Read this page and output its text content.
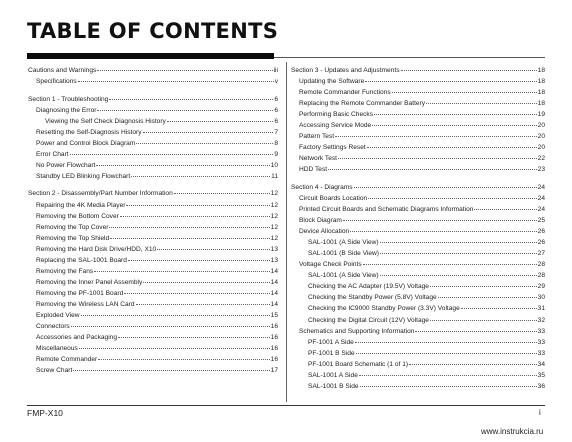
TABLE OF CONTENTS
Cautions and Warnings	iii
Specifications	v
Section 1 - Troubleshooting	6
Diagnosing the Error	6
Viewing the Self Check Diagnosis History	6
Resetting the Self-Diagnosis History	7
Power and Control Block Diagram	8
Error Chart	9
No Power Flowchart	10
Standby LED Blinking Flowchart	11
Section 2 - Disassembly/Part Number Information	12
Repairing the 4K Media Player	12
Removing the Bottom Cover	12
Removing the Top Cover	12
Removing the Top Shield	12
Removing the Hard Disk Drive/HDD, X10	13
Replacing the SAL-1001 Board	13
Removing the Fans	14
Removing the Inner Panel Assembly	14
Removing the PF-1001 Board	14
Removing the Wireless LAN Card	14
Exploded View	15
Connectors	16
Accessories and Packaging	16
Miscellaneous	16
Remote Commander	16
Screw Chart	17
Section 3 - Updates and Adjustments	18
Updating the Software	18
Remote Commander Functions	18
Replacing the Remote Commander Battery	18
Performing Basic Checks	19
Accessing Service Mode	20
Pattern Test	20
Factory Settings Reset	20
Network Test	22
HDD Test	23
Section 4 - Diagrams	24
Circuit Boards Location	24
Printed Circuit Boards and Schematic Diagrams Information	24
Block Diagram	25
Device Allocation	26
SAL-1001 (A Side View)	26
SAL-1001 (B Side View)	27
Voltage Check Points	28
SAL-1001 (A Side View)	28
Checking the AC Adapter (19.5V) Voltage	29
Checking the Standby Power (5.8V) Voltage	30
Checking the IC9000 Standby Power (3.3V) Voltage	31
Checking the Digital Circuit (12V) Voltage	32
Schematics and Supporting Information	33
PF-1001 A Side	33
PF-1001 B Side	33
PF-1001 Board Schematic (1 of 1)	34
SAL-1001 A Side	35
SAL-1001 B Side	36
FMP-X10	i
www.instrukcia.ru
